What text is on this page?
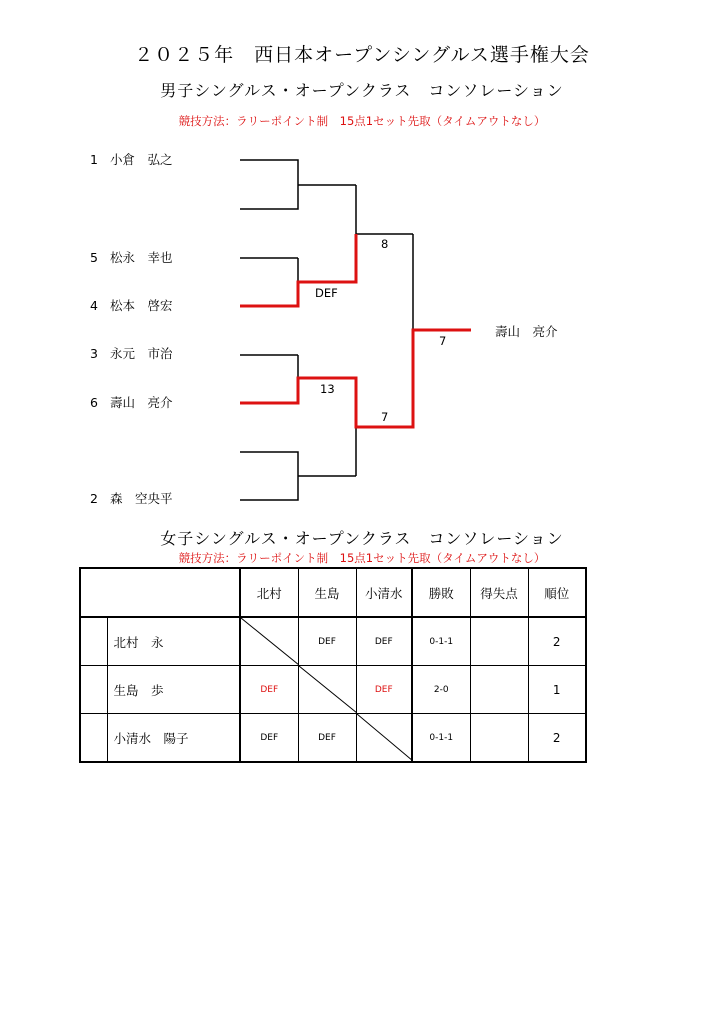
２０２５年　西日本オープンシングルス選手権大会
男子シングルス・オープンクラス　コンソレーション
競技方法：ラリーポイント制　15点1セット先取（タイムアウトなし）
1 小倉　弘之
5 松永　幸也
4 松本　啓宏
3 永元　市治
6 壽山　亮介
2 森　空央平
DEF
13
8
7
7
壽山　亮介
女子シングルス・オープンクラス　コンソレーション
競技方法：ラリーポイント制　15点1セット先取（タイムアウトなし）
		北村	生島	小清水	勝敗	得失点	順位
	北村　永		DEF	DEF	0-1-1		2
	生島　歩	DEF		DEF	2-0		1
	小清水　陽子	DEF	DEF		0-1-1		2
